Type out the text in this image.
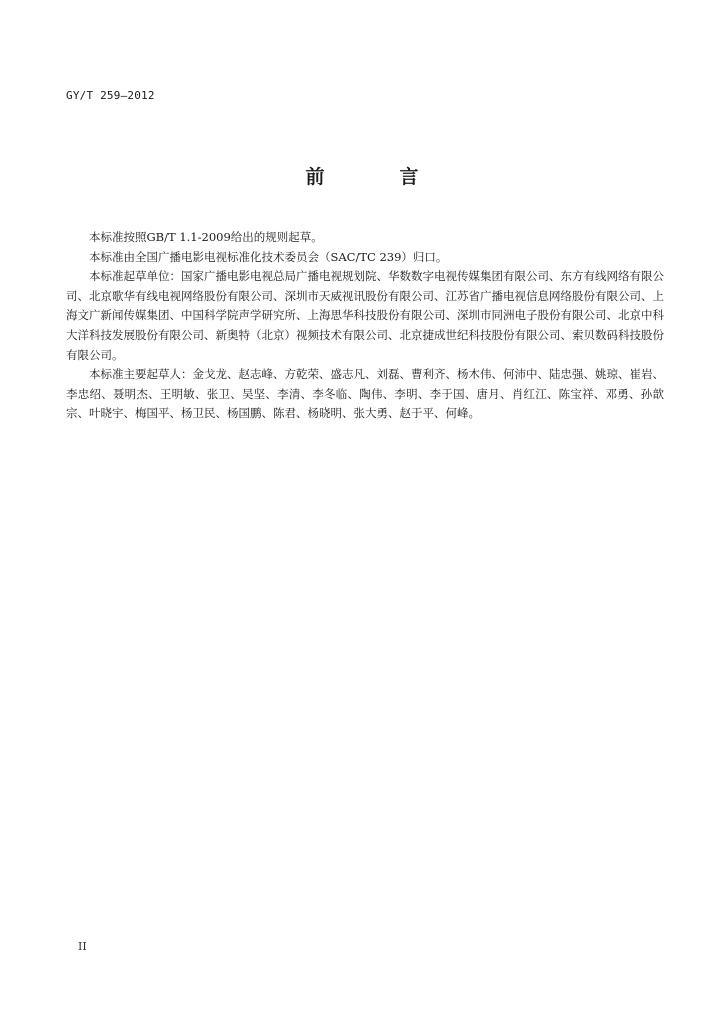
GY/T 259—2012
前　言

本标准按照GB/T 1.1-2009给出的规则起草。

本标准由全国广播电影电视标准化技术委员会（SAC/TC 239）归口。

本标准起草单位：国家广播电影电视总局广播电视规划院、华数数字电视传媒集团有限公司、东方有线网络有限公司、北京歌华有线电视网络股份有限公司、深圳市天威视讯股份有限公司、江苏省广播电视信息网络股份有限公司、上海文广新闻传媒集团、中国科学院声学研究所、上海思华科技股份有限公司、深圳市同洲电子股份有限公司、北京中科大洋科技发展股份有限公司、新奥特（北京）视频技术有限公司、北京捷成世纪科技股份有限公司、索贝数码科技股份有限公司。

本标准主要起草人：金戈龙、赵志峰、方乾荣、盛志凡、刘磊、曹利齐、杨木伟、何沛中、陆忠强、姚琼、崔岩、李忠绍、聂明杰、王明敏、张卫、吴坚、李清、李冬临、陶伟、李明、李于国、唐月、肖红江、陈宝祥、邓勇、孙歆宗、叶晓宇、梅国平、杨卫民、杨国鹏、陈君、杨晓明、张大勇、赵于平、何峰。

II
